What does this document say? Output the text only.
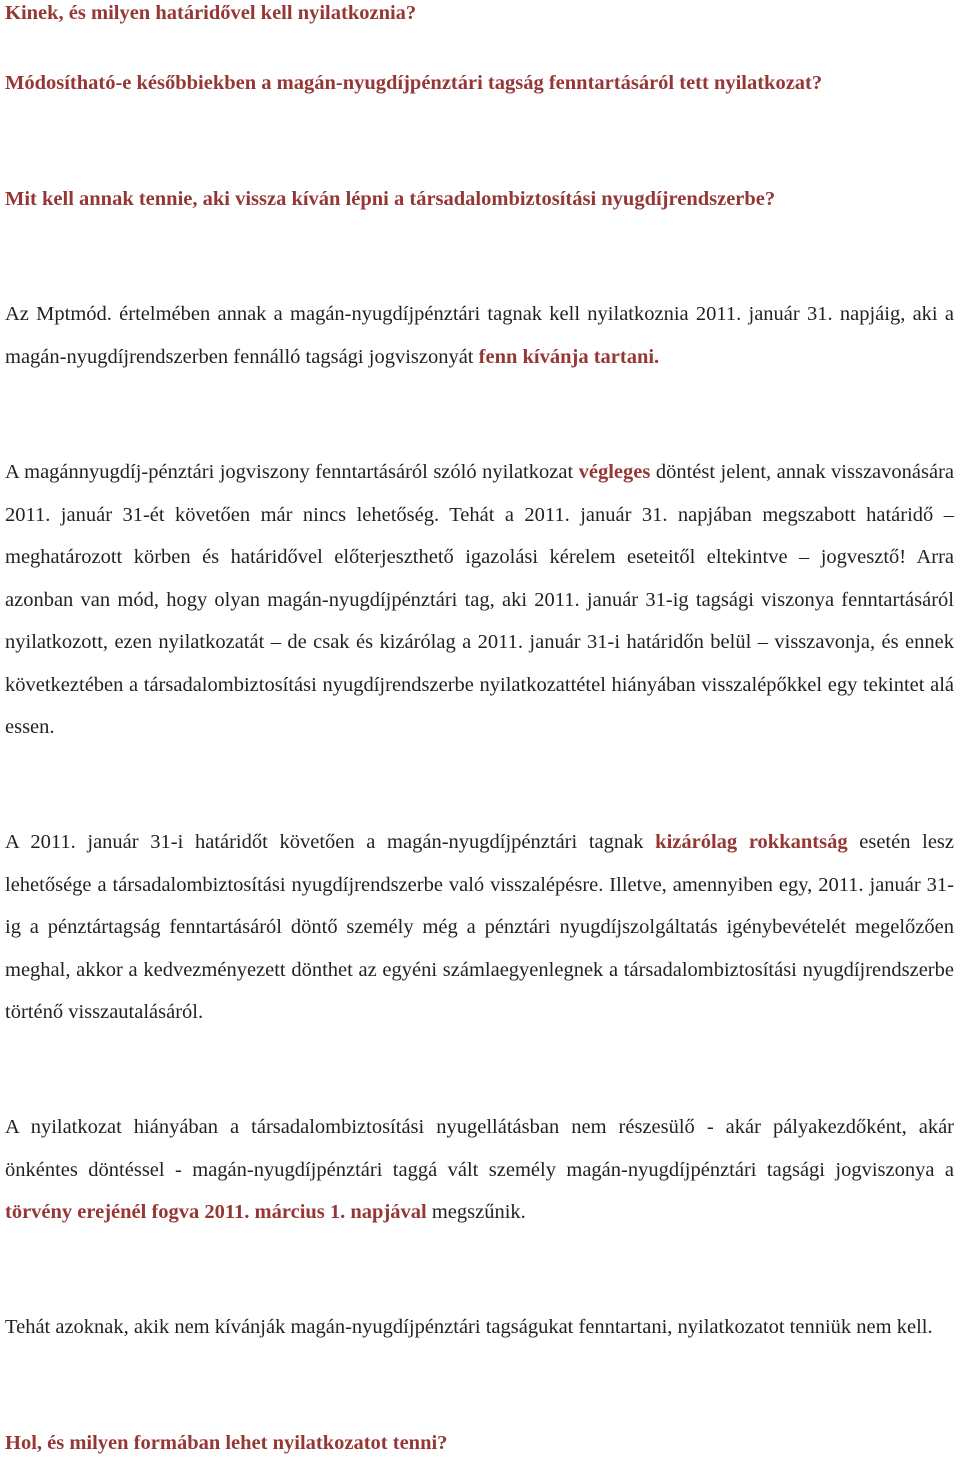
Kinek, és milyen határidővel kell nyilatkoznia?

Módosítható-e későbbiekben a magán-nyugdíjpénztári tagság fenntartásáról tett nyilatkozat?

Mit kell annak tennie, aki vissza kíván lépni a társadalombiztosítási nyugdíjrendszerbe?

Az Mptmód. értelmében annak a magán-nyugdíjpénztári tagnak kell nyilatkoznia 2011. január 31. napjáig, aki a magán-nyugdíjrendszerben fennálló tagsági jogviszonyát fenn kívánja tartani.

A magánnyugdíj-pénztári jogviszony fenntartásáról szóló nyilatkozat végleges döntést jelent, annak visszavonására 2011. január 31-ét követően már nincs lehetőség. Tehát a 2011. január 31. napjában megszabott határidő – meghatározott körben és határidővel előterjeszthető igazolási kérelem eseteitől eltekintve – jogvesztő! Arra azonban van mód, hogy olyan magán-nyugdíjpénztári tag, aki 2011. január 31-ig tagsági viszonya fenntartásáról nyilatkozott, ezen nyilatkozatát – de csak és kizárólag a 2011. január 31-i határidőn belül – visszavonja, és ennek következtében a társadalombiztosítási nyugdíjrendszerbe nyilatkozattétel hiányában visszalépőkkel egy tekintet alá essen.

A 2011. január 31-i határidőt követően a magán-nyugdíjpénztári tagnak kizárólag rokkantság esetén lesz lehetősége a társadalombiztosítási nyugdíjrendszerbe való visszalépésre. Illetve, amennyiben egy, 2011. január 31-ig a pénztártagság fenntartásáról döntő személy még a pénztári nyugdíjszolgáltatás igénybevételét megelőzően meghal, akkor a kedvezményezett dönthet az egyéni számlaegyenlegnek a társadalombiztosítási nyugdíjrendszerbe történő visszautalásáról.

A nyilatkozat hiányában a társadalombiztosítási nyugellátásban nem részesülő - akár pályakezdőként, akár önkéntes döntéssel - magán-nyugdíjpénztári taggá vált személy magán-nyugdíjpénztári tagsági jogviszonya a törvény erejénél fogva 2011. március 1. napjával megszűnik.

Tehát azoknak, akik nem kívánják magán-nyugdíjpénztári tagságukat fenntartani, nyilatkozatot tenniük nem kell.

Hol, és milyen formában lehet nyilatkozatot tenni?
